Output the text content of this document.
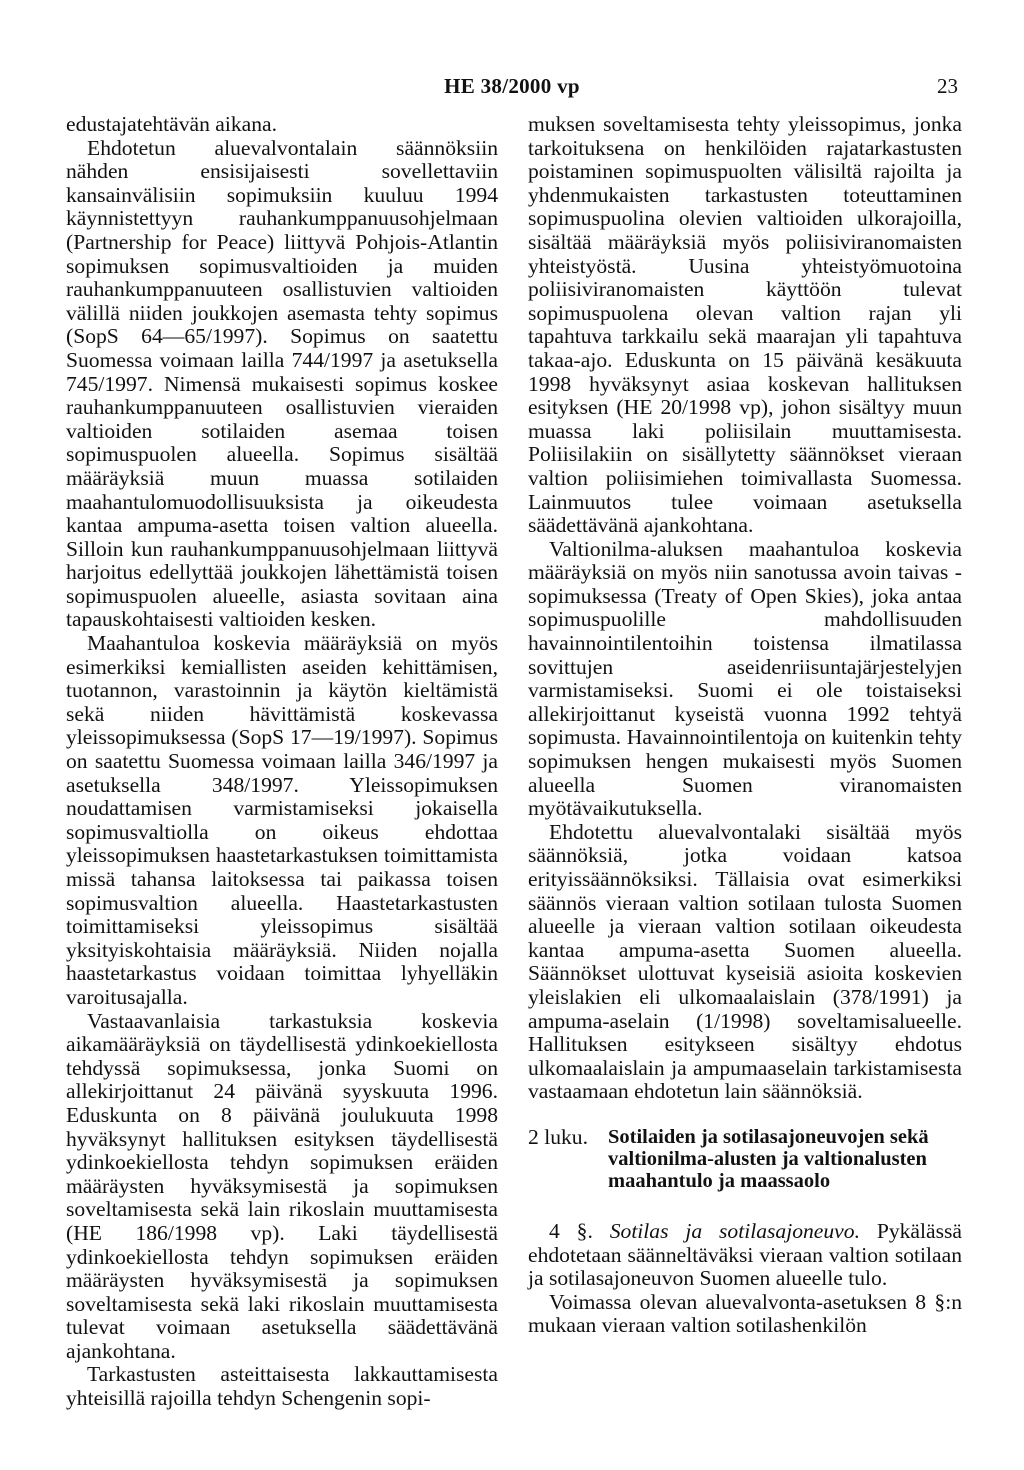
HE 38/2000 vp	23

edustajatehtävän aikana.

Ehdotetun aluevalvontalain säännöksiin nähden ensisijaisesti sovellettaviin kansainvälisiin sopimuksiin kuuluu 1994 käynnistettyyn rauhankumppanuusohjelmaan (Partnership for Peace) liittyvä Pohjois-Atlantin sopimuksen sopimusvaltioiden ja muiden rauhankumppanuuteen osallistuvien valtioiden välillä niiden joukkojen asemasta tehty sopimus (SopS 64—65/1997). Sopimus on saatettu Suomessa voimaan lailla 744/1997 ja asetuksella 745/1997. Nimensä mukaisesti sopimus koskee rauhankumppanuuteen osallistuvien vieraiden valtioiden sotilaiden asemaa toisen sopimuspuolen alueella. Sopimus sisältää määräyksiä muun muassa sotilaiden maahantulomuodollisuuksista ja oikeudesta kantaa ampuma-asetta toisen valtion alueella. Silloin kun rauhankumppanuusohjelmaan liittyvä harjoitus edellyttää joukkojen lähettämistä toisen sopimuspuolen alueelle, asiasta sovitaan aina tapauskohtaisesti valtioiden kesken.

Maahantuloa koskevia määräyksiä on myös esimerkiksi kemiallisten aseiden kehittämisen, tuotannon, varastoinnin ja käytön kieltämistä sekä niiden hävittämistä koskevassa yleissopimuksessa (SopS 17—19/1997). Sopimus on saatettu Suomessa voimaan lailla 346/1997 ja asetuksella 348/1997. Yleissopimuksen noudattamisen varmistamiseksi jokaisella sopimusvaltiolla on oikeus ehdottaa yleissopimuksen haastetarkastuksen toimittamista missä tahansa laitoksessa tai paikassa toisen sopimusvaltion alueella. Haastetarkastusten toimittamiseksi yleissopimus sisältää yksityiskohtaisia määräyksiä. Niiden nojalla haastetarkastus voidaan toimittaa lyhyelläkin varoitusajalla.

Vastaavanlaisia tarkastuksia koskevia aikamääräyksiä on täydellisestä ydinkoekiellosta tehdyssä sopimuksessa, jonka Suomi on allekirjoittanut 24 päivänä syyskuuta 1996. Eduskunta on 8 päivänä joulukuuta 1998 hyväksynyt hallituksen esityksen täydellisestä ydinkoekiellosta tehdyn sopimuksen eräiden määräysten hyväksymisestä ja sopimuksen soveltamisesta sekä lain rikoslain muuttamisesta (HE 186/1998 vp). Laki täydellisestä ydinkoekiellosta tehdyn sopimuksen eräiden määräysten hyväksymisestä ja sopimuksen soveltamisesta sekä laki rikoslain muuttamisesta tulevat voimaan asetuksella säädettävänä ajankohtana.

Tarkastusten asteittaisesta lakkauttamisesta yhteisillä rajoilla tehdyn Schengenin sopi-

muksen soveltamisesta tehty yleissopimus, jonka tarkoituksena on henkilöiden rajatarkastusten poistaminen sopimuspuolten välisiltä rajoilta ja yhdenmukaisten tarkastusten toteuttaminen sopimuspuolina olevien valtioiden ulkorajoilla, sisältää määräyksiä myös poliisiviranomaisten yhteistyöstä. Uusina yhteistyömuotoina poliisiviranomaisten käyttöön tulevat sopimuspuolena olevan valtion rajan yli tapahtuva tarkkailu sekä maarajan yli tapahtuva takaa-ajo. Eduskunta on 15 päivänä kesäkuuta 1998 hyväksynyt asiaa koskevan hallituksen esityksen (HE 20/1998 vp), johon sisältyy muun muassa laki poliisilain muuttamisesta. Poliisilakiin on sisällytetty säännökset vieraan valtion poliisimiehen toimivallasta Suomessa. Lainmuutos tulee voimaan asetuksella säädettävänä ajankohtana.

Valtionilma-aluksen maahantuloa koskevia määräyksiä on myös niin sanotussa avoin taivas -sopimuksessa (Treaty of Open Skies), joka antaa sopimuspuolille mahdollisuuden havainnointilentoihin toistensa ilmatilassa sovittujen aseidenriisuntajärjestelyjen varmistamiseksi. Suomi ei ole toistaiseksi allekirjoittanut kyseistä vuonna 1992 tehtyä sopimusta. Havainnointilentoja on kuitenkin tehty sopimuksen hengen mukaisesti myös Suomen alueella Suomen viranomaisten myötävaikutuksella.

Ehdotettu aluevalvontalaki sisältää myös säännöksiä, jotka voidaan katsoa erityissäännöksiksi. Tällaisia ovat esimerkiksi säännös vieraan valtion sotilaan tulosta Suomen alueelle ja vieraan valtion sotilaan oikeudesta kantaa ampuma-asetta Suomen alueella. Säännökset ulottuvat kyseisiä asioita koskevien yleislakien eli ulkomaalaislain (378/1991) ja ampuma-aselain (1/1998) soveltamisalueelle. Hallituksen esitykseen sisältyy ehdotus ulkomaalaislain ja ampumaaselain tarkistamisesta vastaamaan ehdotetun lain säännöksiä.

2 luku. Sotilaiden ja sotilasajoneuvojen sekä valtionilma-alusten ja valtionalusten maahantulo ja maassaolo

4 §. Sotilas ja sotilasajoneuvo. Pykälässä ehdotetaan säänneltäväksi vieraan valtion sotilaan ja sotilasajoneuvon Suomen alueelle tulo.

Voimassa olevan aluevalvonta-asetuksen 8 §:n mukaan vieraan valtion sotilashenkilön
